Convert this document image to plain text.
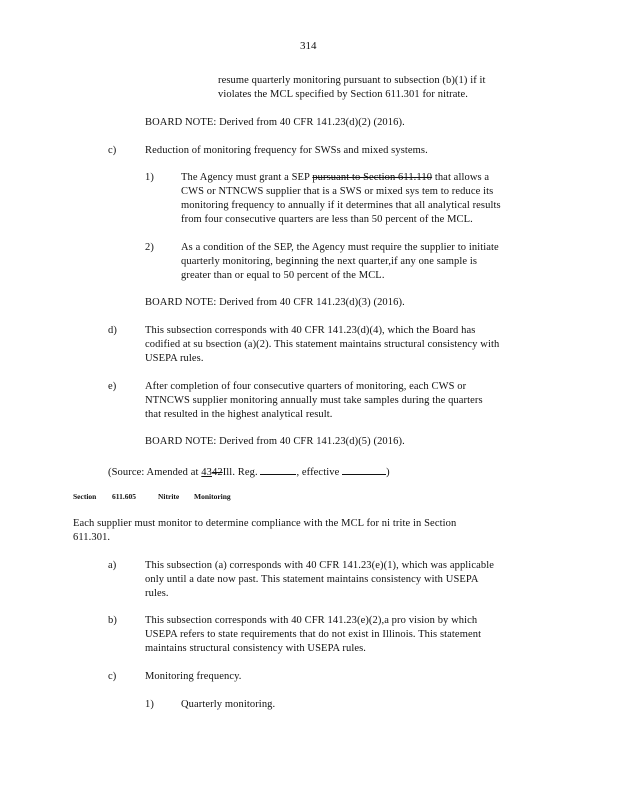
314
resume quarterly monitoring pursuant to subsection (b)(1) if it
violates the MCL specified by Section 611.301 for nitrate.
BOARD NOTE: Derived from 40 CFR 141.23(d)(2) (2016).
c)	Reduction of monitoring frequency for SWSs and mixed systems.
1)	The Agency must grant a SEP pursuant to Section 611.110 that allows a
CWS or NTNCWS supplier that is a SWS or mixed sys tem to reduce its
monitoring frequency to annually if it determines that all analytical results
from four consecutive quarters are less than 50 percent of the MCL.
2)	As a condition of the SEP, the Agency must require the supplier to initiate
quarterly monitoring, beginning the next quarter,if any one sample is
greater than or equal to 50 percent of the MCL.
BOARD NOTE: Derived from 40 CFR 141.23(d)(3) (2016).
d)	This subsection corresponds with 40 CFR 141.23(d)(4), which the Board has
codified at su bsection (a)(2). This statement maintains structural consistency with
USEPA rules.
e)	After completion of four consecutive quarters of monitoring, each CWS or
NTNCWS supplier monitoring annually must take samples during the quarters
that resulted in the highest analytical result.
BOARD NOTE: Derived from 40 CFR 141.23(d)(5) (2016).
(Source: Amended at 4342Ill. Reg.	, effective	)
Section 611.605	Nitrite Monitoring
Each supplier must monitor to determine compliance with the MCL for ni trite in Section
611.301.
a)	This subsection (a) corresponds with 40 CFR 141.23(e)(1), which was applicable
only until a date now past. This statement maintains consistency with USEPA
rules.
b)	This subsection corresponds with 40 CFR 141.23(e)(2),a pro vision by which
USEPA refers to state requirements that do not exist in Illinois. This statement
maintains structural consistency with USEPA rules.
c)	Monitoring frequency.
1)	Quarterly monitoring.
